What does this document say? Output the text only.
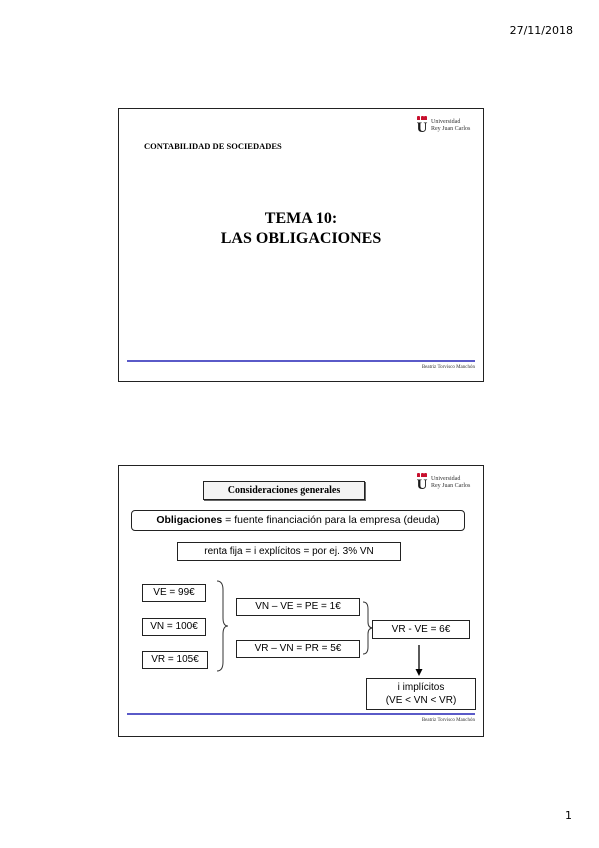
27/11/2018
U Universidad
Rey Juan Carlos
CONTABILIDAD DE SOCIEDADES
TEMA 10:
LAS OBLIGACIONES
Beatriz Torvisco Manchón
U Universidad
Rey Juan Carlos
Consideraciones generales
Obligaciones = fuente financiación para la empresa (deuda)
renta fija = i explícitos = por ej. 3% VN
VE = 99€
VN = 100€
VR = 105€
VN – VE = PE = 1€
VR – VN = PR = 5€
VR - VE = 6€
i implícitos
(VE < VN < VR)
Beatriz Torvisco Manchón
1
